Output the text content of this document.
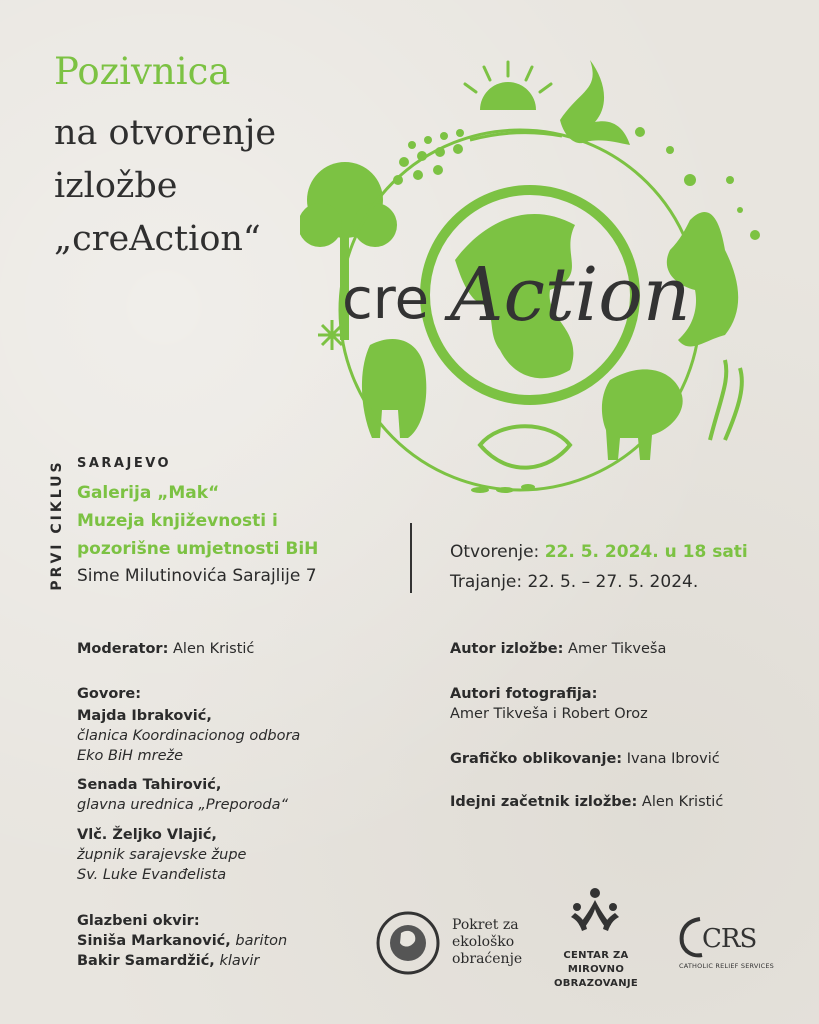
Pozivnica
na otvorenje
izložbe
„creAction“
cre Action
PRVI CIKLUS SARAJEVO
Galerija „Mak“
Muzeja književnosti i
pozorišne umjetnosti BiH
Sime Milutinovića Sarajlije 7
Otvorenje: 22. 5. 2024. u 18 sati
Trajanje: 22. 5. – 27. 5. 2024.
Moderator: Alen Kristić
Govore:
Majda Ibraković,
članica Koordinacionog odbora
Eko BiH mreže
Senada Tahirović,
glavna urednica „Preporoda“
Vlč. Željko Vlajić,
župnik sarajevske župe
Sv. Luke Evanđelista
Glazbeni okvir:
Siniša Markanović, bariton
Bakir Samardžić, klavir
Autor izložbe: Amer Tikveša
Autori fotografija:
Amer Tikveša i Robert Oroz
Grafičko oblikovanje: Ivana Ibrović
Idejni začetnik izložbe: Alen Kristić
Pokret za
ekološko
obraćenje	CENTAR ZA MIROVNO
OBRAZOVANJE
CRS
CATHOLIC RELIEF SERVICES
